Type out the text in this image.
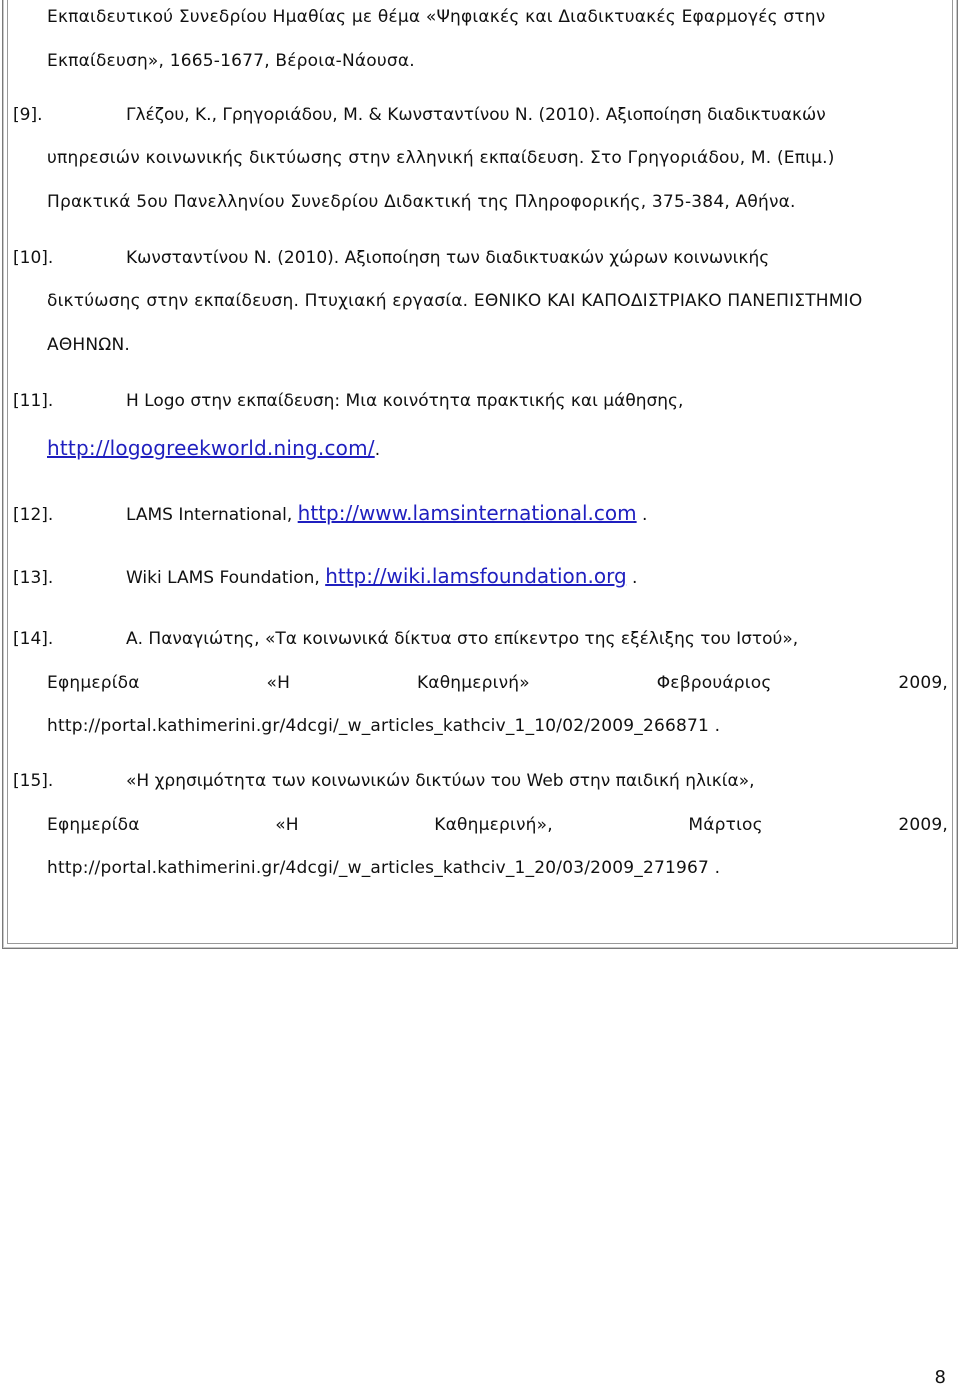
Εκπαιδευτικού Συνεδρίου Ημαθίας με θέμα «Ψηφιακές και Διαδικτυακές Εφαρμογές στην
Εκπαίδευση», 1665-1677, Βέροια-Νάουσα.
[9].	Γλέζου, Κ., Γρηγοριάδου, Μ. & Κωνσταντίνου Ν. (2010). Αξιοποίηση διαδικτυακών
υπηρεσιών κοινωνικής δικτύωσης στην ελληνική εκπαίδευση. Στο Γρηγοριάδου, Μ. (Επιμ.)
Πρακτικά 5ου Πανελληνίου Συνεδρίου Διδακτική της Πληροφορικής, 375-384, Αθήνα.
[10].	Κωνσταντίνου Ν. (2010). Αξιοποίηση των διαδικτυακών χώρων κοινωνικής
δικτύωσης στην εκπαίδευση. Πτυχιακή εργασία. ΕΘΝΙΚΟ ΚΑΙ ΚΑΠΟΔΙΣΤΡΙΑΚΟ ΠΑΝΕΠΙΣΤΗΜΙΟ
ΑΘΗΝΩΝ.
[11].	Η Logo στην εκπαίδευση: Μια κοινότητα πρακτικής και μάθησης,
http://logogreekworld.ning.com/.
[12].	LAMS International, http://www.lamsinternational.com .
[13].	Wiki LAMS Foundation, http://wiki.lamsfoundation.org .
[14].	Α. Παναγιώτης, «Τα κοινωνικά δίκτυα στο επίκεντρο της εξέλιξης του Ιστού»,
Εφημερίδα «Η Καθημερινή» Φεβρουάριος 2009,
http://portal.kathimerini.gr/4dcgi/_w_articles_kathciv_1_10/02/2009_266871 .
[15].	«Η χρησιμότητα των κοινωνικών δικτύων του Web στην παιδική ηλικία»,
Εφημερίδα «Η Καθημερινή», Μάρτιος 2009,
http://portal.kathimerini.gr/4dcgi/_w_articles_kathciv_1_20/03/2009_271967 .
8
